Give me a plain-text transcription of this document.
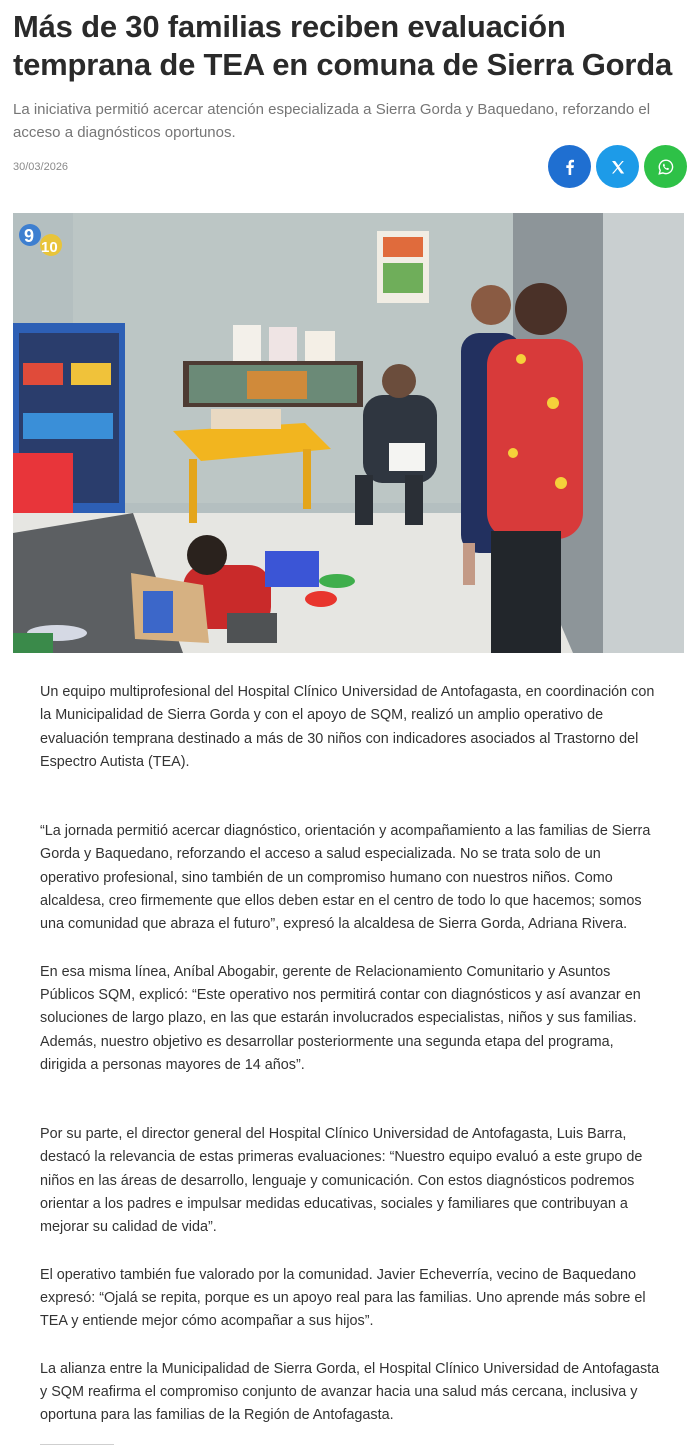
Más de 30 familias reciben evaluación temprana de TEA en comuna de Sierra Gorda

La iniciativa permitió acercar atención especializada a Sierra Gorda y Baquedano, reforzando el acceso a diagnósticos oportunos.

30/03/2026
9
10

Un equipo multiprofesional del Hospital Clínico Universidad de Antofagasta, en coordinación con la Municipalidad de Sierra Gorda y con el apoyo de SQM, realizó un amplio operativo de evaluación temprana destinado a más de 30 niños con indicadores asociados al Trastorno del Espectro Autista (TEA).

“La jornada permitió acercar diagnóstico, orientación y acompañamiento a las familias de Sierra Gorda y Baquedano, reforzando el acceso a salud especializada. No se trata solo de un operativo profesional, sino también de un compromiso humano con nuestros niños. Como alcaldesa, creo firmemente que ellos deben estar en el centro de todo lo que hacemos; somos una comunidad que abraza el futuro”, expresó la alcaldesa de Sierra Gorda, Adriana Rivera.

En esa misma línea, Aníbal Abogabir, gerente de Relacionamiento Comunitario y Asuntos Públicos SQM, explicó: “Este operativo nos permitirá contar con diagnósticos y así avanzar en soluciones de largo plazo, en las que estarán involucrados especialistas, niños y sus familias. Además, nuestro objetivo es desarrollar posteriormente una segunda etapa del programa, dirigida a personas mayores de 14 años”.

Por su parte, el director general del Hospital Clínico Universidad de Antofagasta, Luis Barra, destacó la relevancia de estas primeras evaluaciones: “Nuestro equipo evaluó a este grupo de niños en las áreas de desarrollo, lenguaje y comunicación. Con estos diagnósticos podremos orientar a los padres e impulsar medidas educativas, sociales y familiares que contribuyan a mejorar su calidad de vida”.

El operativo también fue valorado por la comunidad. Javier Echeverría, vecino de Baquedano expresó: “Ojalá se repita, porque es un apoyo real para las familias. Uno aprende más sobre el TEA y entiende mejor cómo acompañar a sus hijos”.

La alianza entre la Municipalidad de Sierra Gorda, el Hospital Clínico Universidad de Antofagasta y SQM reafirma el compromiso conjunto de avanzar hacia una salud más cercana, inclusiva y oportuna para las familias de la Región de Antofagasta.
